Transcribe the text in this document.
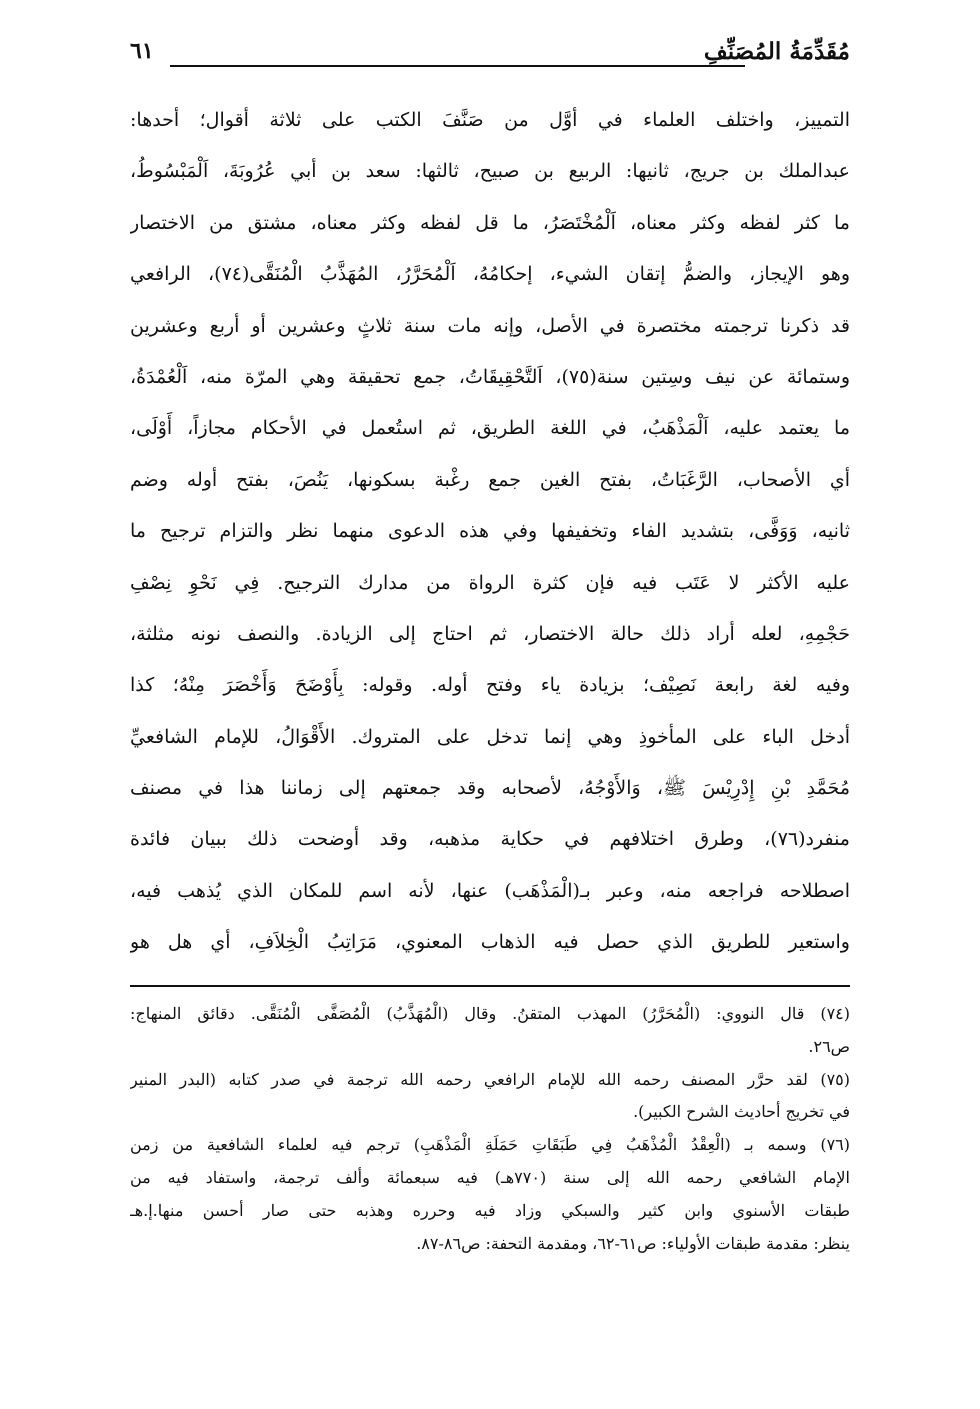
مُقَدِّمَةُ المُصَنِّفِ
٦١
التمييز، واختلف العلماء في أوَّل من صَنَّفَ الكتب على ثلاثة أقوال؛ أحدها:
عبدالملك بن جريج، ثانيها: الربيع بن صبيح، ثالثها: سعد بن أبي عُرُوبَةَ، اَلْمَبْسُوطُ،
ما كثر لفظه وكثر معناه، اَلْمُخْتَصَرُ، ما قل لفظه وكثر معناه، مشتق من الاختصار
وهو الإيجاز، والضمُّ إتقان الشيء، إحكامُهُ، اَلْمُحَرَّرُ، المُهَذَّبُ الْمُنَقَّى(٧٤)، الرافعي
قد ذكرنا ترجمته مختصرة في الأصل، وإنه مات سنة ثلاثٍ وعشرين أو أربع وعشرين
وستمائة عن نيف وسِتين سنة(٧٥)، اَلتَّحْقِيقَاتُ، جمع تحقيقة وهي المرّة منه، اَلْعُمْدَةُ،
ما يعتمد عليه، اَلْمَذْهَبُ، في اللغة الطريق، ثم استُعمل في الأحكام مجازاً، أَوْلَى،
أي الأصحاب، الرَّغَبَاتُ، بفتح الغين جمع رغْبة بسكونها، يَنُصَ، بفتح أوله وضم
ثانيه، وَوَفَّى، بتشديد الفاء وتخفيفها وفي هذه الدعوى منهما نظر والتزام ترجيح ما
عليه الأكثر لا عَتَب فيه فإن كثرة الرواة من مدارك الترجيح. فِي نَحْوِ نِصْفِ
حَجْمِهِ، لعله أراد ذلك حالة الاختصار، ثم احتاج إلى الزيادة. والنصف نونه مثلثة،
وفيه لغة رابعة نَصِيْف؛ بزيادة ياء وفتح أوله. وقوله: بِأَوْضَحَ وَأَخْصَرَ مِنْهُ؛ كذا
أدخل الباء على المأخوذِ وهي إنما تدخل على المتروك. الأَقْوَالُ، للإمام الشافعيِّ
مُحَمَّدِ بْنِ إِدْرِيْسَ ﷺ، وَالأَوْجُهُ، لأصحابه وقد جمعتهم إلى زماننا هذا في مصنف
منفرد(٧٦)، وطرق اختلافهم في حكاية مذهبه، وقد أوضحت ذلك ببيان فائدة
اصطلاحه فراجعه منه، وعبر بـ(الْمَذْهَب) عنها، لأنه اسم للمكان الذي يُذهب فيه،
واستعير للطريق الذي حصل فيه الذهاب المعنوي، مَرَاتِبُ الْخِلاَفِ، أي هل هو
(٧٤) قال النووي: (الْمُحَرَّرُ) المهذب المتقنُ. وقال (الْمُهَذَّبُ) الْمُصَفَّى الْمُنَقَّى. دقائق المنهاج:
ص٢٦.
(٧٥) لقد حرَّر المصنف رحمه الله للإمام الرافعي رحمه الله ترجمة في صدر كتابه (البدر المنير
في تخريج أحاديث الشرح الكبير).
(٧٦) وسمه بـ (الْعِقْدُ الْمُذْهَبُ فِي طَبَقَاتِ حَمَلَةِ الْمَذْهَبِ) ترجم فيه لعلماء الشافعية من زمن
الإمام الشافعي رحمه الله إلى سنة (٧٧٠هـ) فيه سبعمائة وألف ترجمة، واستفاد فيه من
طبقات الأسنوي وابن كثير والسبكي وزاد فيه وحرره وهذبه حتى صار أحسن منها.إ.هـ
ينظر: مقدمة طبقات الأولياء: ص٦١-٦٢، ومقدمة التحفة: ص٨٦-٨٧.
